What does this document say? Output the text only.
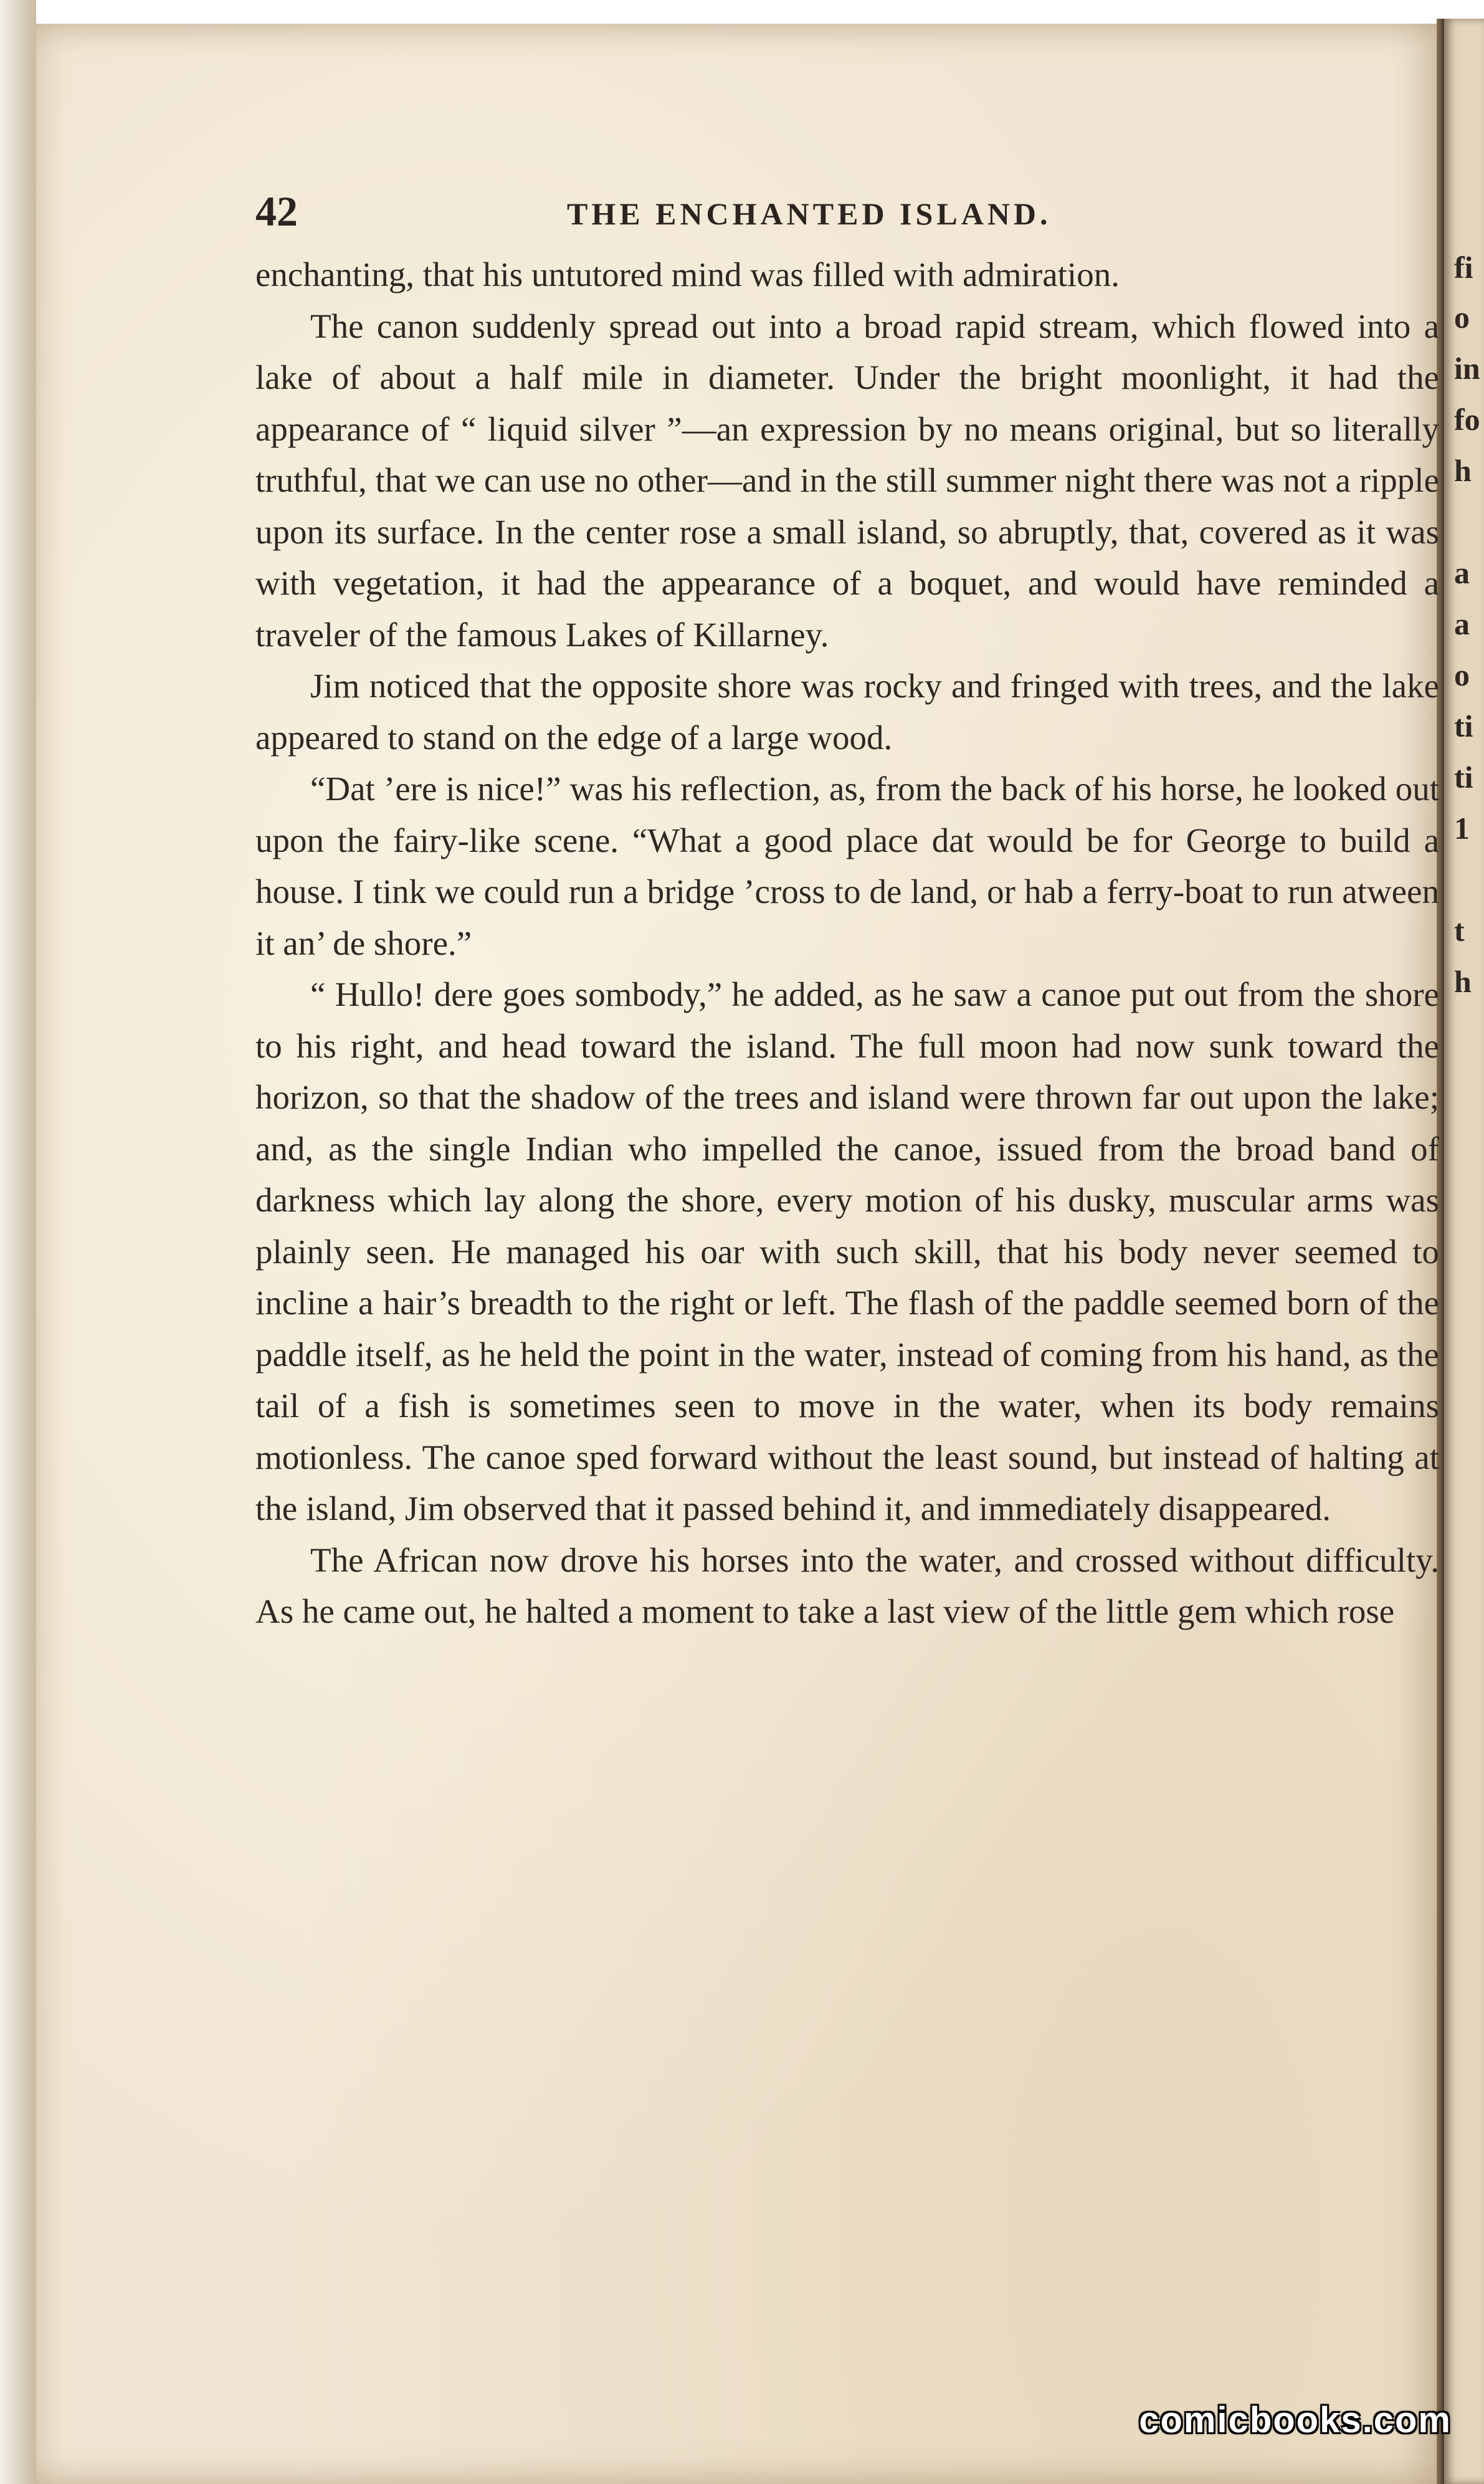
42	THE ENCHANTED ISLAND.

enchanting, that his untutored mind was filled with admiration.

The canon suddenly spread out into a broad rapid stream, which flowed into a lake of about a half mile in diameter. Under the bright moonlight, it had the appearance of “ liquid silver ”—an expression by no means original, but so literally truthful, that we can use no other—and in the still summer night there was not a ripple upon its surface. In the center rose a small island, so abruptly, that, covered as it was with vegetation, it had the appearance of a boquet, and would have reminded a traveler of the famous Lakes of Killarney.

Jim noticed that the opposite shore was rocky and fringed with trees, and the lake appeared to stand on the edge of a large wood.

“Dat ’ere is nice!” was his reflection, as, from the back of his horse, he looked out upon the fairy-like scene. “What a good place dat would be for George to build a house. I tink we could run a bridge ’cross to de land, or hab a ferry-boat to run atween it an’ de shore.”

“ Hullo! dere goes sombody,” he added, as he saw a canoe put out from the shore to his right, and head toward the island. The full moon had now sunk toward the horizon, so that the shadow of the trees and island were thrown far out upon the lake; and, as the single Indian who impelled the canoe, issued from the broad band of darkness which lay along the shore, every motion of his dusky, muscular arms was plainly seen. He managed his oar with such skill, that his body never seemed to incline a hair’s breadth to the right or left. The flash of the paddle seemed born of the paddle itself, as he held the point in the water, instead of coming from his hand, as the tail of a fish is sometimes seen to move in the water, when its body remains motionless. The canoe sped forward without the least sound, but instead of halting at the island, Jim observed that it passed behind it, and immediately disappeared.

The African now drove his horses into the water, and crossed without difficulty. As he came out, he halted a moment to take a last view of the little gem which rose

fi
o
in
fo
h
a
a
o
ti
ti
1
t
h
comicbooks.com
